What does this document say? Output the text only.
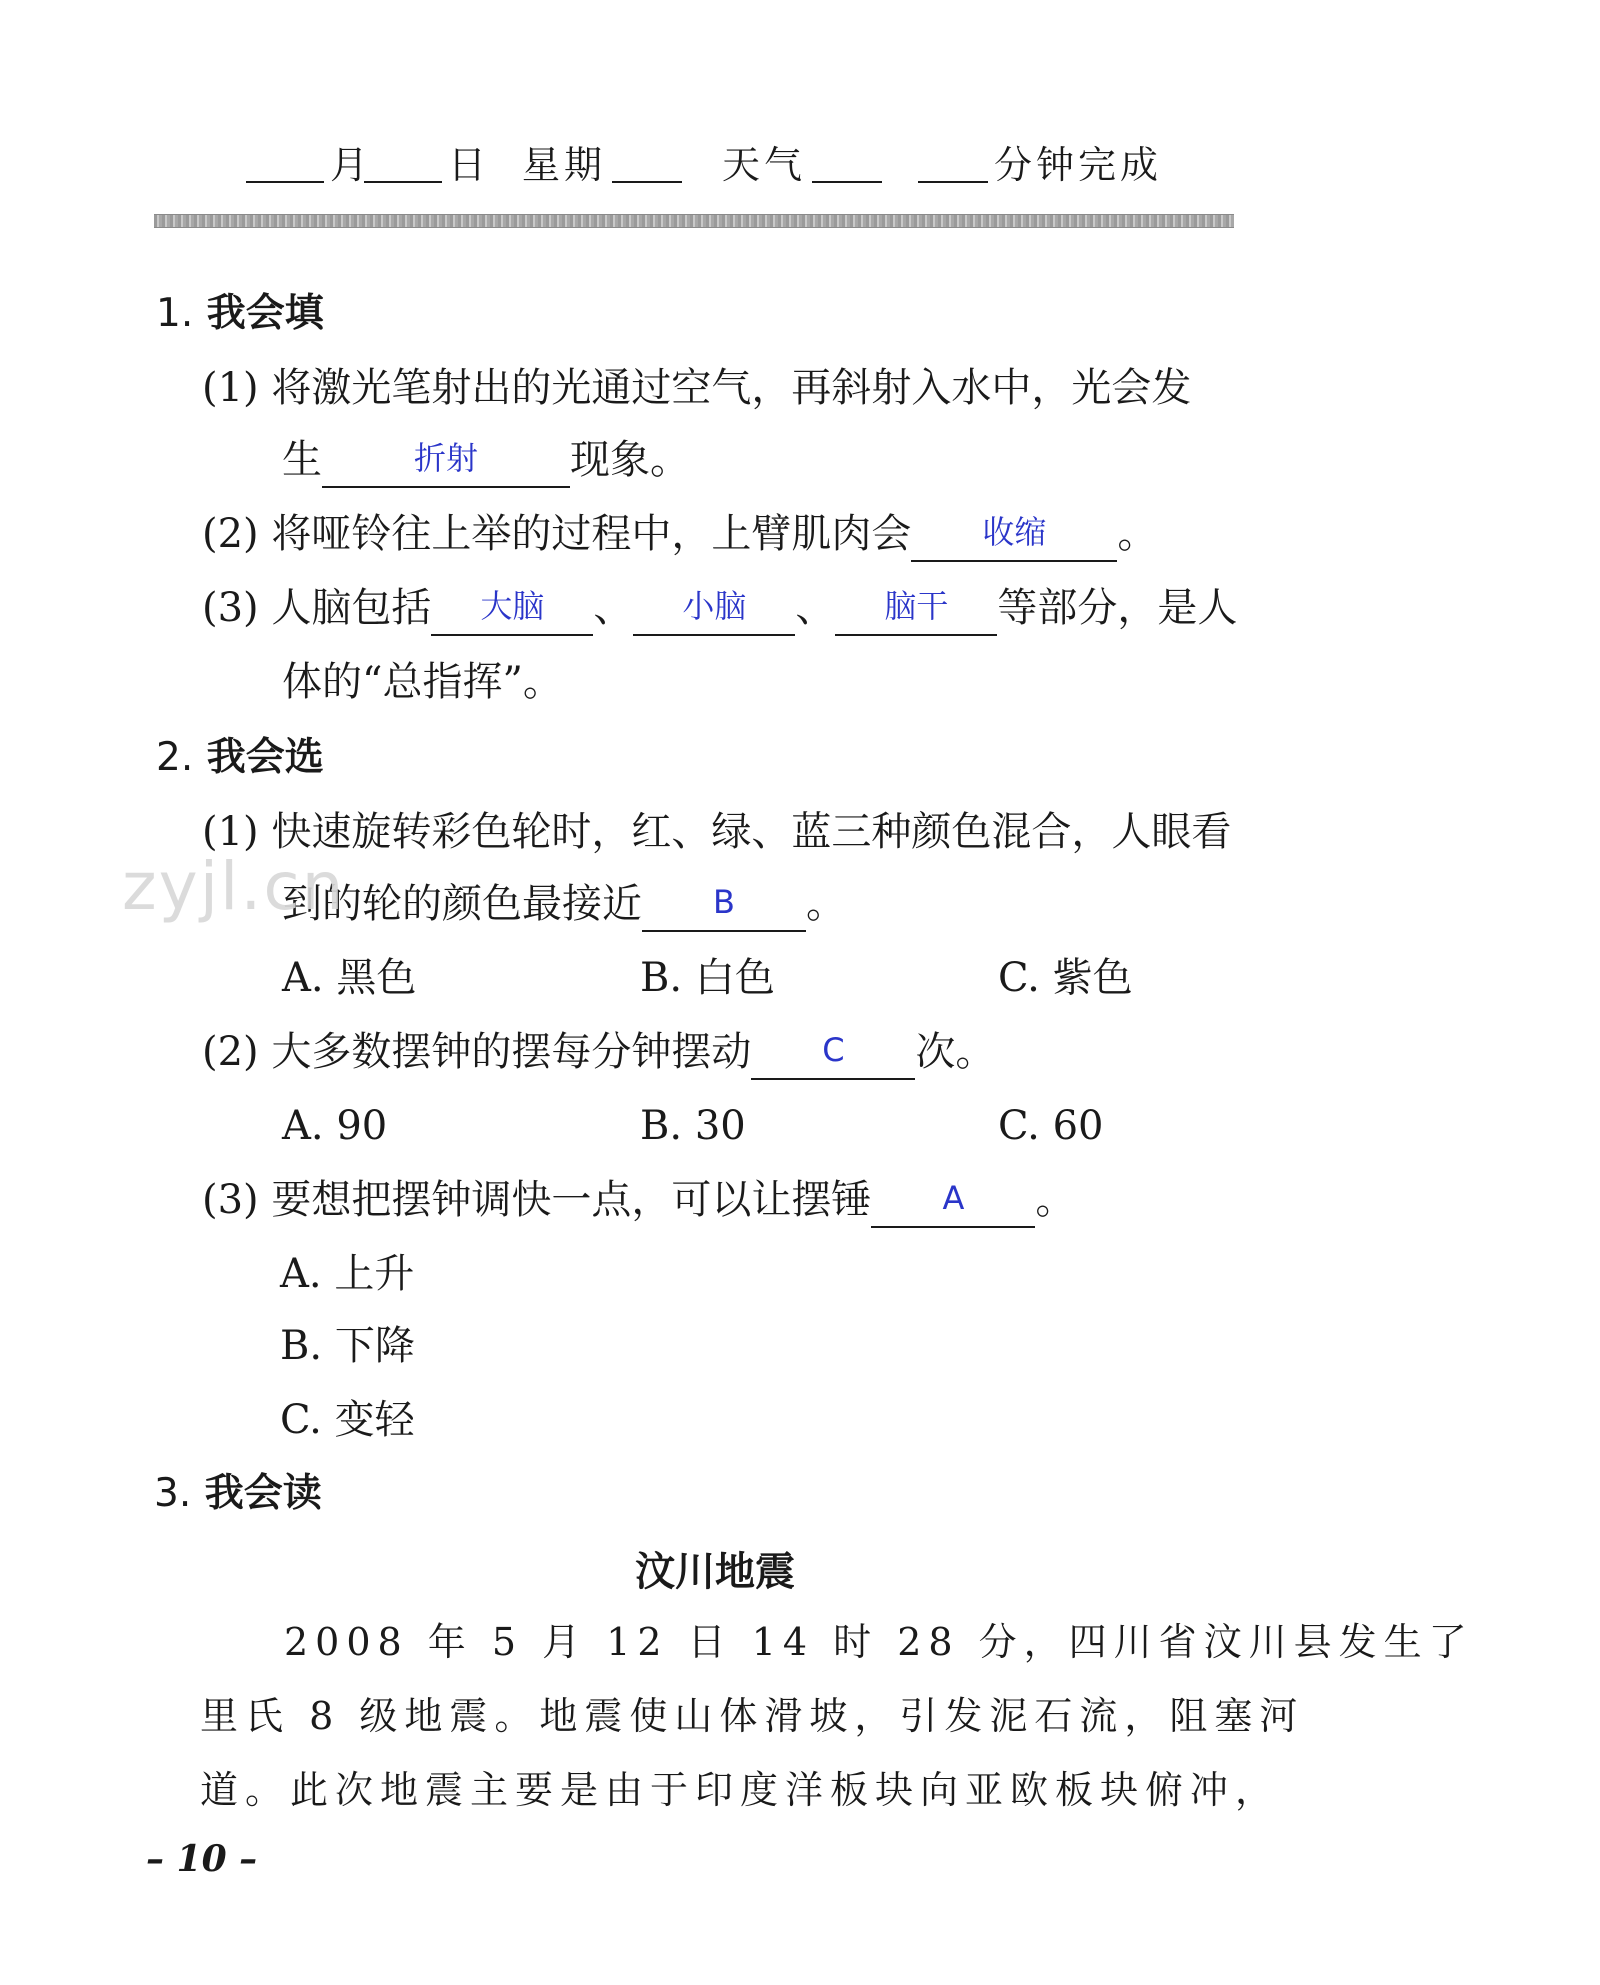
月 日 星期	天气	分钟完成
1. 我会填
(1) 将激光笔射出的光通过空气，再斜射入水中，光会发
生	折射 现象。
(2) 将哑铃往上举的过程中，上臂肌肉会 收缩 。
(3) 人脑包括 大脑 、 小脑 、 脑干 等部分，是人
体的“总指挥”。
2. 我会选
(1) 快速旋转彩色轮时，红、绿、蓝三种颜色混合，人眼看
到的轮的颜色最接近 B 。
A. 黑色	B. 白色	C. 紫色
(2) 大多数摆钟的摆每分钟摆动 C 次。
A. 90	B. 30	C. 60
(3) 要想把摆钟调快一点，可以让摆锤 A 。
A. 上升
B. 下降
C. 变轻
3. 我会读
汶川地震
2008 年 5 月 12 日 14 时 28 分，四川省汶川县发生了
里氏 8 级地震。地震使山体滑坡，引发泥石流，阻塞河
道。此次地震主要是由于印度洋板块向亚欧板块俯冲，
zyjl.cn
– 10 –
